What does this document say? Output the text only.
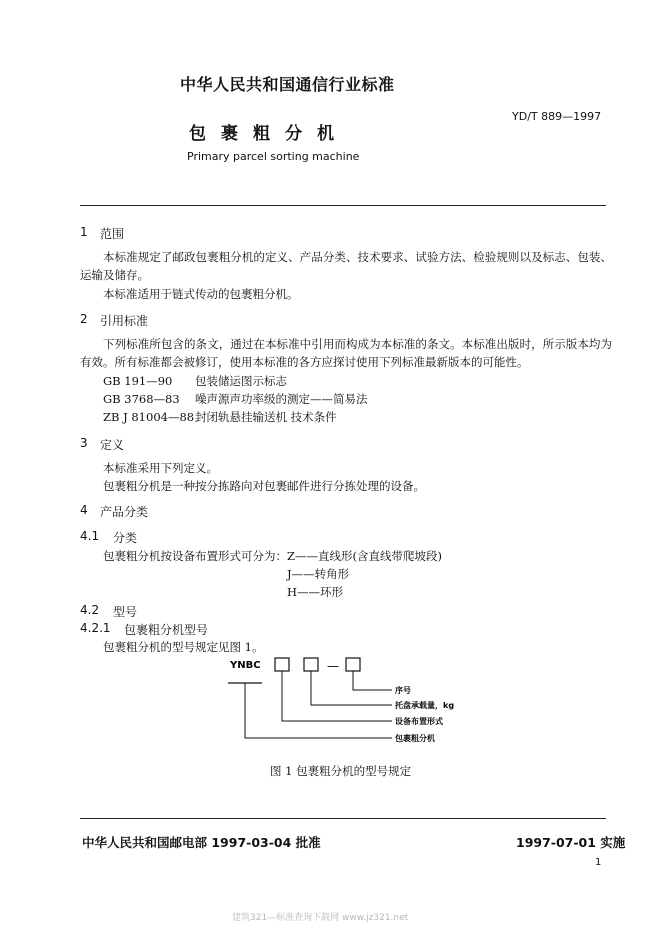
中华人民共和国通信行业标准
YD/T 889—1997
包裹粗分机
Primary parcel sorting machine
1 范围
本标准规定了邮政包裹粗分机的定义、产品分类、技术要求、试验方法、检验规则以及标志、包装、运输及储存。
本标准适用于链式传动的包裹粗分机。
2 引用标准
下列标准所包含的条文，通过在本标准中引用而构成为本标准的条文。本标准出版时，所示版本均为有效。所有标准都会被修订，使用本标准的各方应探讨使用下列标准最新版本的可能性。
GB 191—90 包装储运图示标志
GB 3768—83 噪声源声功率级的测定——简易法
ZB J 81004—88 封闭轨悬挂输送机 技术条件
3 定义
本标准采用下列定义。
包裹粗分机是一种按分拣路向对包裹邮件进行分拣处理的设备。
4 产品分类
4.1 分类
包裹粗分机按设备布置形式可分为：Z——直线形(含直线带爬坡段)
J——转角形
H——环形
4.2 型号
4.2.1 包裹粗分机型号
包裹粗分机的型号规定见图 1。
YNBC	—
序号
托盘承载量，kg
设备布置形式
包裹粗分机
图 1 包裹粗分机的型号规定
中华人民共和国邮电部 1997-03-04 批准	1997-07-01 实施
1
建筑321—标准查询下载网 www.jz321.net
